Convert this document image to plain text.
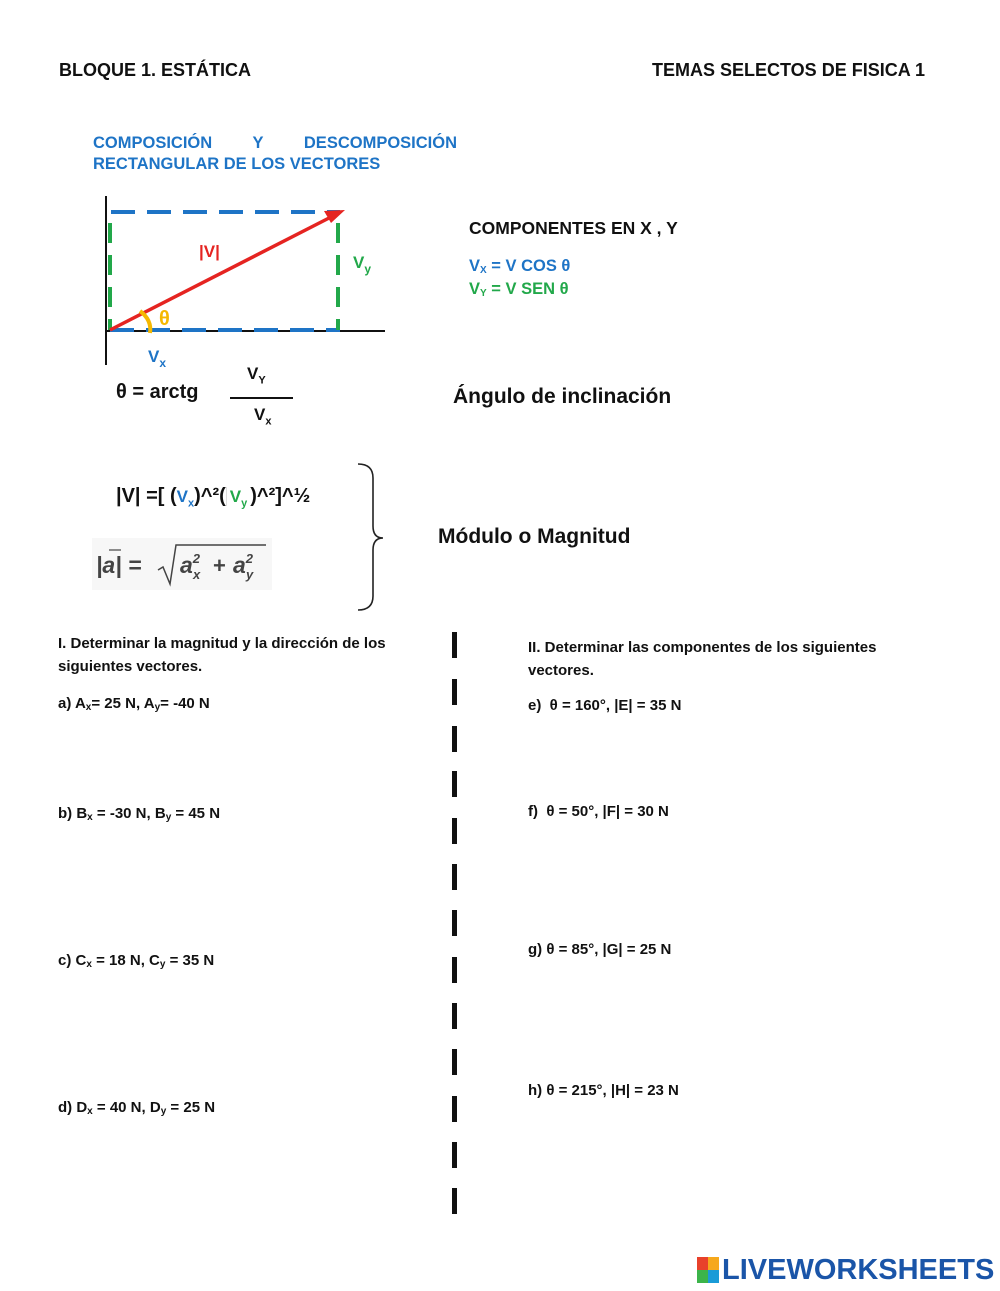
BLOQUE 1. ESTÁTICA	TEMAS SELECTOS DE FISICA 1
COMPOSICIÓN Y DESCOMPOSICIÓN
RECTANGULAR DE LOS VECTORES
|V|
θ
$V_y$
$V_x$
COMPONENTES EN X , Y
$V_X = V$ COS θ
$V_Y = V$ SEN θ
θ = arctg
$V_Y$
$V_x$
Ángulo de inclinación
|V| =[ $(V_x)\^{}^2$( $V_y$ )^²]^½
$|a| = a^2$ $x + a^2$ y
Módulo o Magnitud
I. Determinar la magnitud y la dirección de los
siguientes vectores.
a) $A_x= 25$ N, $A_y= -40$ N
b) $B_x = -30$ N, $B_y = 45$ N
c) $C_x = 18$ N, $C_y = 35$ N
d) $D_x = 40$ N, $D_y = 25$ N
II. Determinar las componentes de los siguientes
vectores.
e)  θ = 160°, |E| = 35 N
f)  θ = 50°, |F| = 30 N
g) θ = 85°, |G| = 25 N
h) θ = 215°, |H| = 23 N
LIVEWORKSHEETS
